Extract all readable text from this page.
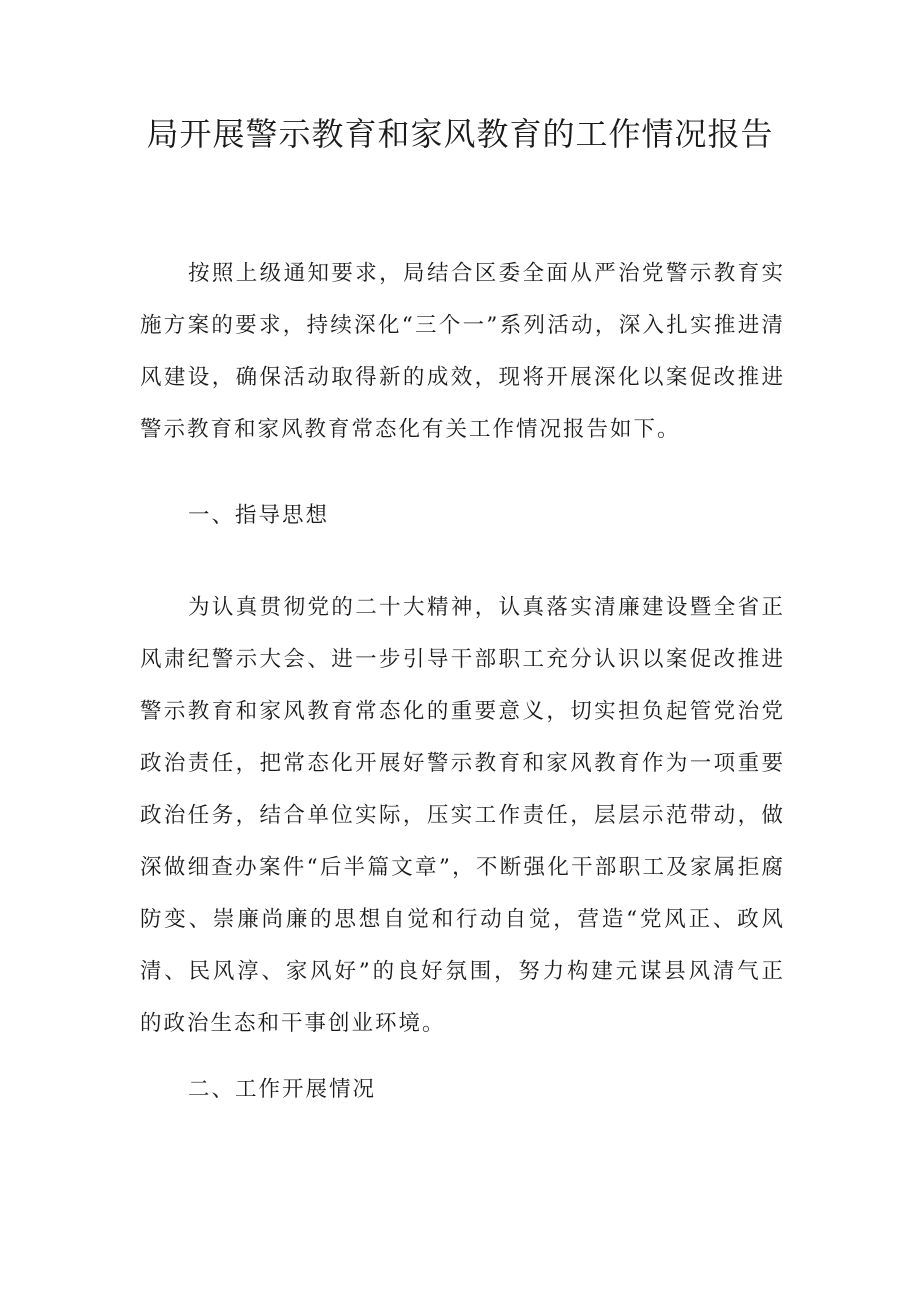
局开展警示教育和家风教育的工作情况报告

按照上级通知要求，局结合区委全面从严治党警示教育实施方案的要求，持续深化“三个一”系列活动，深入扎实推进清风建设，确保活动取得新的成效，现将开展深化以案促改推进警示教育和家风教育常态化有关工作情况报告如下。

一、指导思想

为认真贯彻党的二十大精神，认真落实清廉建设暨全省正风肃纪警示大会、进一步引导干部职工充分认识以案促改推进警示教育和家风教育常态化的重要意义，切实担负起管党治党政治责任，把常态化开展好警示教育和家风教育作为一项重要政治任务，结合单位实际，压实工作责任，层层示范带动，做深做细查办案件“后半篇文章”，不断强化干部职工及家属拒腐防变、崇廉尚廉的思想自觉和行动自觉，营造“党风正、政风清、民风淳、家风好”的良好氛围，努力构建元谋县风清气正的政治生态和干事创业环境。

二、工作开展情况
